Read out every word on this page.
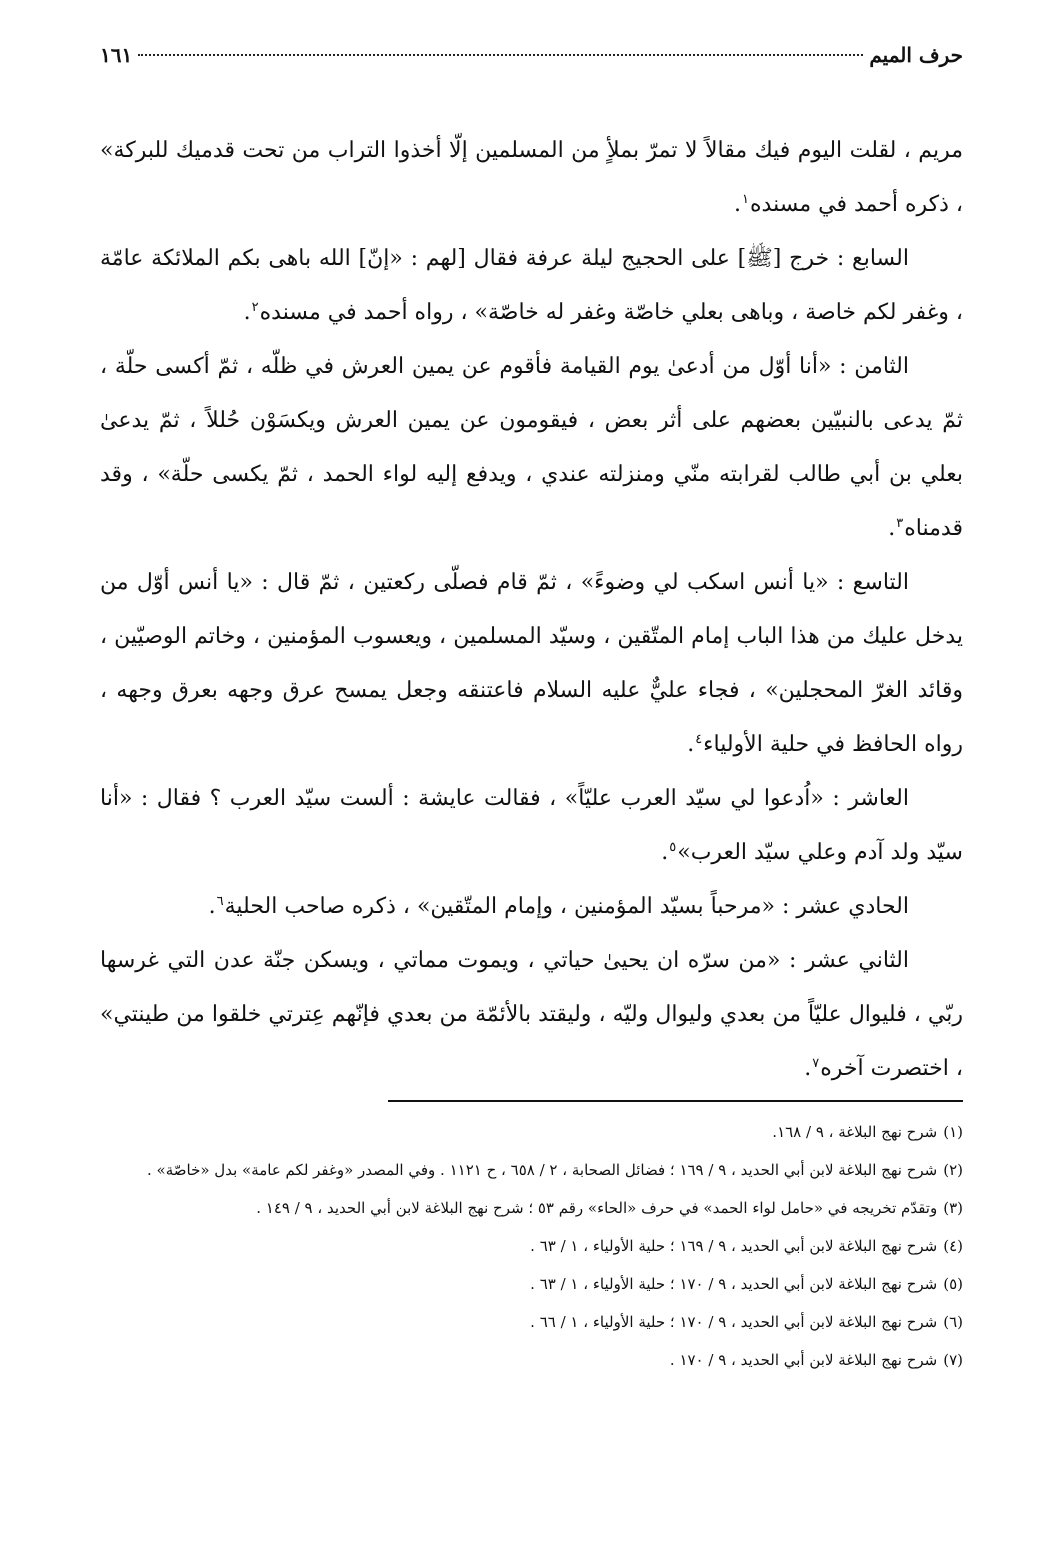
حرف الميم
١٦١

مريم ، لقلت اليوم فيك مقالاً لا تمرّ بملأٍ من المسلمين إلّا أخذوا التراب من تحت قدميك للبركة» ، ذكره أحمد في مسنده$^١$.

السابع : خرج [ﷺ] على الحجيج ليلة عرفة فقال [لهم : «إنّ] الله باهى بكم الملائكة عامّة ، وغفر لكم خاصة ، وباهى بعلي خاصّة وغفر له خاصّة» ، رواه أحمد في مسنده$^٢$.

الثامن : «أنا أوّل من أدعىٰ يوم القيامة فأقوم عن يمين العرش في ظلّه ، ثمّ أكسى حلّة ، ثمّ يدعى بالنبيّين بعضهم على أثر بعض ، فيقومون عن يمين العرش ويكسَوْن حُللاً ، ثمّ يدعىٰ بعلي بن أبي طالب لقرابته منّي ومنزلته عندي ، ويدفع إليه لواء الحمد ، ثمّ يكسى حلّة» ، وقد قدمناه$^٣$.

التاسع : «يا أنس اسكب لي وضوءً» ، ثمّ قام فصلّى ركعتين ، ثمّ قال : «يا أنس أوّل من يدخل عليك من هذا الباب إمام المتّقين ، وسيّد المسلمين ، ويعسوب المؤمنين ، وخاتم الوصيّين ، وقائد الغرّ المحجلين» ، فجاء عليٌّ عليه السلام فاعتنقه وجعل يمسح عرق وجهه بعرق وجهه ، رواه الحافظ في حلية الأولياء$^٤$.

العاشر : «اُدعوا لي سيّد العرب عليّاً» ، فقالت عايشة : ألست سيّد العرب ؟ فقال : «أنا سيّد ولد آدم وعلي سيّد العرب»$^٥$.

الحادي عشر : «مرحباً بسيّد المؤمنين ، وإمام المتّقين» ، ذكره صاحب الحلية$^٦$.

الثاني عشر : «من سرّه ان يحيىٰ حياتي ، ويموت مماتي ، ويسكن جنّة عدن التي غرسها ربّي ، فليوال عليّاً من بعدي وليوال وليّه ، وليقتد بالأئمّة من بعدي فإنّهم عِترتي خلقوا من طينتي» ، اختصرت آخره$^٧$.

(١)شرح نهج البلاغة ، ٩ / ١٦٨.
(٢)شرح نهج البلاغة لابن أبي الحديد ، ٩ / ١٦٩ ؛ فضائل الصحابة ، ٢ / ٦٥٨ ، ح ١١٢١ . وفي المصدر «وغفر لكم عامة» بدل «خاصّة» .
(٣)وتقدّم تخريجه في «حامل لواء الحمد» في حرف «الحاء» رقم ٥٣ ؛ شرح نهج البلاغة لابن أبي الحديد ، ٩ / ١٤٩ .
(٤)شرح نهج البلاغة لابن أبي الحديد ، ٩ / ١٦٩ ؛ حلية الأولياء ، ١ / ٦٣ .
(٥)شرح نهج البلاغة لابن أبي الحديد ، ٩ / ١٧٠ ؛ حلية الأولياء ، ١ / ٦٣ .
(٦)شرح نهج البلاغة لابن أبي الحديد ، ٩ / ١٧٠ ؛ حلية الأولياء ، ١ / ٦٦ .
(٧)شرح نهج البلاغة لابن أبي الحديد ، ٩ / ١٧٠ .
